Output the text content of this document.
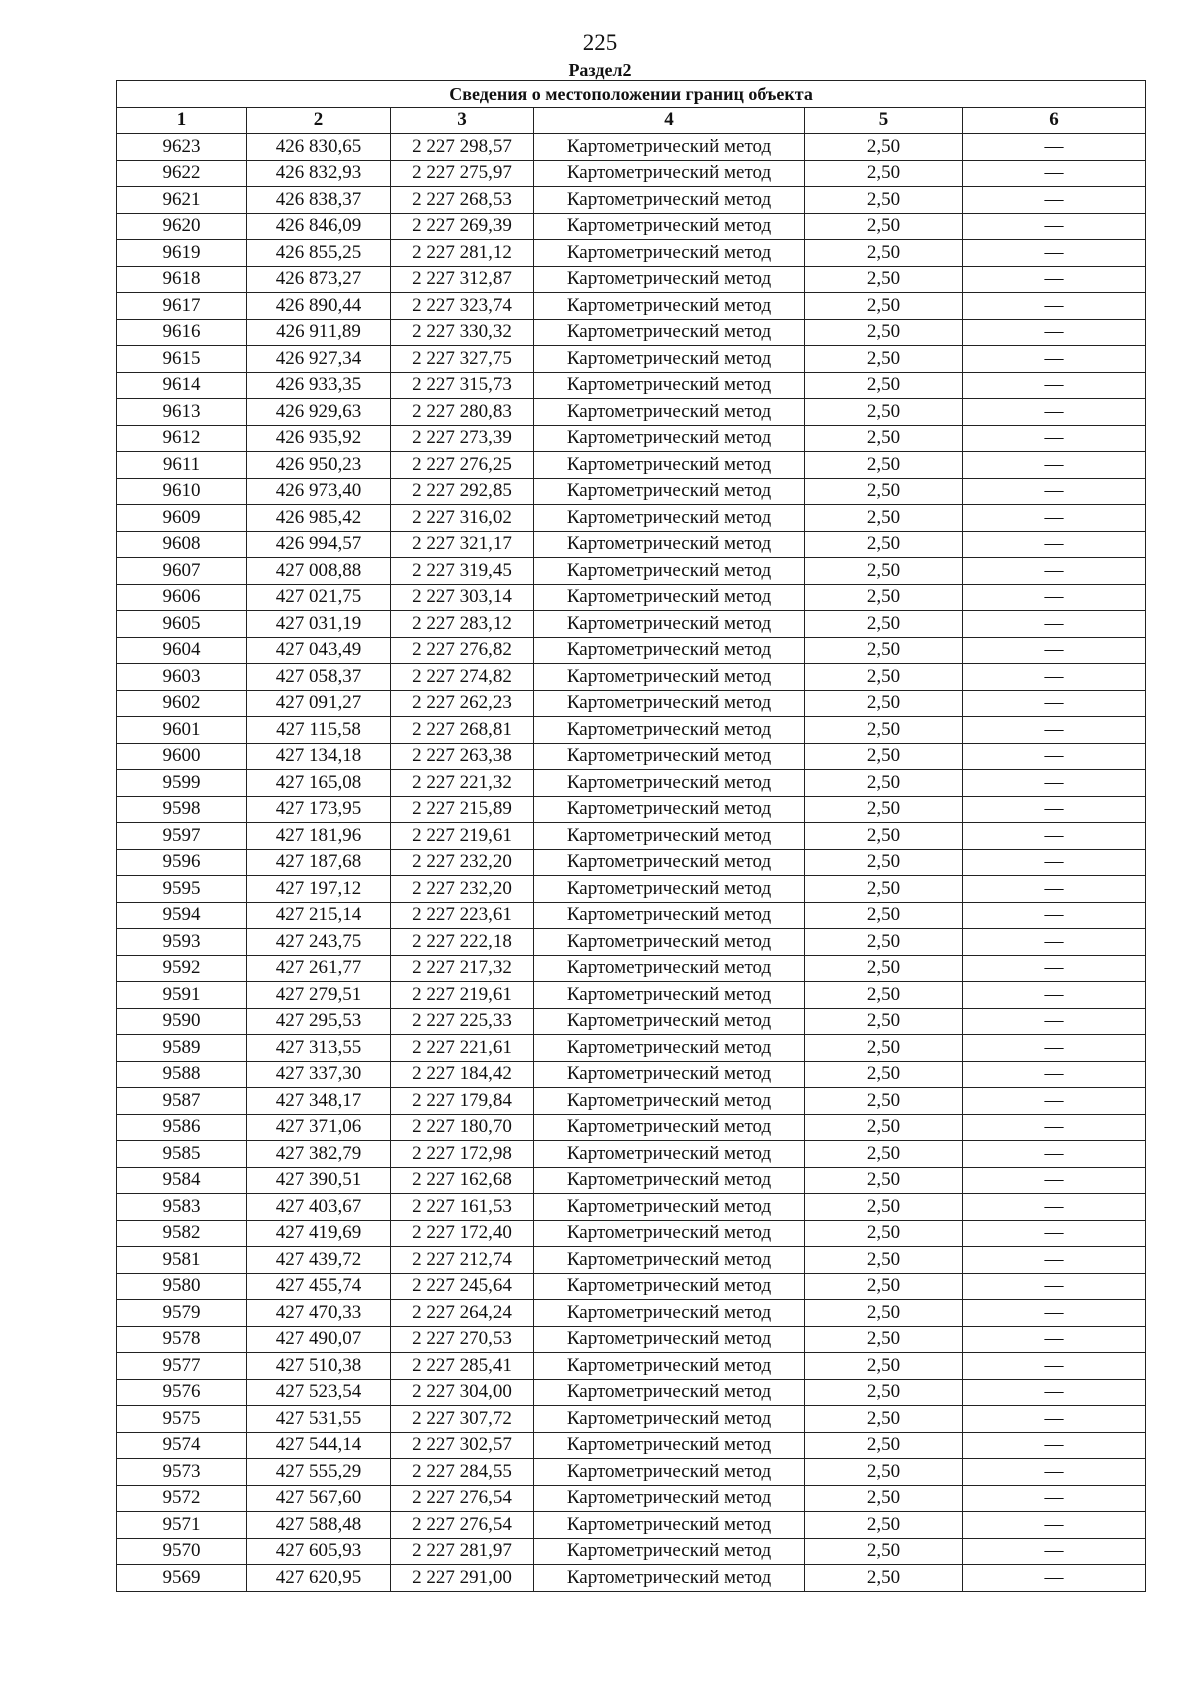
225
Раздел2
Сведения о местоположении границ объекта					
1	2	3	4	5	6
9623	426 830,65	2 227 298,57	Картометрический метод	2,50	—
9622	426 832,93	2 227 275,97	Картометрический метод	2,50	—
9621	426 838,37	2 227 268,53	Картометрический метод	2,50	—
9620	426 846,09	2 227 269,39	Картометрический метод	2,50	—
9619	426 855,25	2 227 281,12	Картометрический метод	2,50	—
9618	426 873,27	2 227 312,87	Картометрический метод	2,50	—
9617	426 890,44	2 227 323,74	Картометрический метод	2,50	—
9616	426 911,89	2 227 330,32	Картометрический метод	2,50	—
9615	426 927,34	2 227 327,75	Картометрический метод	2,50	—
9614	426 933,35	2 227 315,73	Картометрический метод	2,50	—
9613	426 929,63	2 227 280,83	Картометрический метод	2,50	—
9612	426 935,92	2 227 273,39	Картометрический метод	2,50	—
9611	426 950,23	2 227 276,25	Картометрический метод	2,50	—
9610	426 973,40	2 227 292,85	Картометрический метод	2,50	—
9609	426 985,42	2 227 316,02	Картометрический метод	2,50	—
9608	426 994,57	2 227 321,17	Картометрический метод	2,50	—
9607	427 008,88	2 227 319,45	Картометрический метод	2,50	—
9606	427 021,75	2 227 303,14	Картометрический метод	2,50	—
9605	427 031,19	2 227 283,12	Картометрический метод	2,50	—
9604	427 043,49	2 227 276,82	Картометрический метод	2,50	—
9603	427 058,37	2 227 274,82	Картометрический метод	2,50	—
9602	427 091,27	2 227 262,23	Картометрический метод	2,50	—
9601	427 115,58	2 227 268,81	Картометрический метод	2,50	—
9600	427 134,18	2 227 263,38	Картометрический метод	2,50	—
9599	427 165,08	2 227 221,32	Картометрический метод	2,50	—
9598	427 173,95	2 227 215,89	Картометрический метод	2,50	—
9597	427 181,96	2 227 219,61	Картометрический метод	2,50	—
9596	427 187,68	2 227 232,20	Картометрический метод	2,50	—
9595	427 197,12	2 227 232,20	Картометрический метод	2,50	—
9594	427 215,14	2 227 223,61	Картометрический метод	2,50	—
9593	427 243,75	2 227 222,18	Картометрический метод	2,50	—
9592	427 261,77	2 227 217,32	Картометрический метод	2,50	—
9591	427 279,51	2 227 219,61	Картометрический метод	2,50	—
9590	427 295,53	2 227 225,33	Картометрический метод	2,50	—
9589	427 313,55	2 227 221,61	Картометрический метод	2,50	—
9588	427 337,30	2 227 184,42	Картометрический метод	2,50	—
9587	427 348,17	2 227 179,84	Картометрический метод	2,50	—
9586	427 371,06	2 227 180,70	Картометрический метод	2,50	—
9585	427 382,79	2 227 172,98	Картометрический метод	2,50	—
9584	427 390,51	2 227 162,68	Картометрический метод	2,50	—
9583	427 403,67	2 227 161,53	Картометрический метод	2,50	—
9582	427 419,69	2 227 172,40	Картометрический метод	2,50	—
9581	427 439,72	2 227 212,74	Картометрический метод	2,50	—
9580	427 455,74	2 227 245,64	Картометрический метод	2,50	—
9579	427 470,33	2 227 264,24	Картометрический метод	2,50	—
9578	427 490,07	2 227 270,53	Картометрический метод	2,50	—
9577	427 510,38	2 227 285,41	Картометрический метод	2,50	—
9576	427 523,54	2 227 304,00	Картометрический метод	2,50	—
9575	427 531,55	2 227 307,72	Картометрический метод	2,50	—
9574	427 544,14	2 227 302,57	Картометрический метод	2,50	—
9573	427 555,29	2 227 284,55	Картометрический метод	2,50	—
9572	427 567,60	2 227 276,54	Картометрический метод	2,50	—
9571	427 588,48	2 227 276,54	Картометрический метод	2,50	—
9570	427 605,93	2 227 281,97	Картометрический метод	2,50	—
9569	427 620,95	2 227 291,00	Картометрический метод	2,50	—
